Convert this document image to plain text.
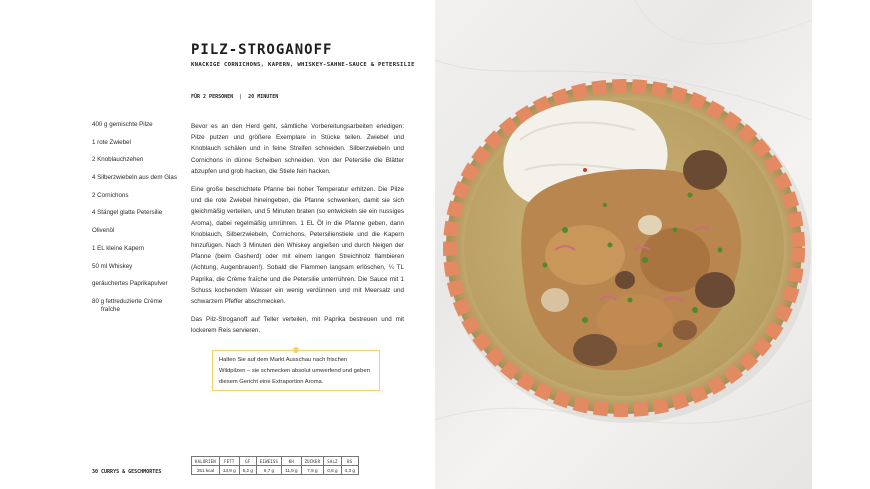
PILZ-STROGANOFF
KNACKIGE CORNICHONS, KAPERN, WHISKEY-SAHNE-SAUCE & PETERSILIE
FÜR 2 PERSONEN | 20 MINUTEN
400 g gemischte Pilze
1 rote Zwiebel
2 Knoblauchzehen
4 Silberzwiebeln aus dem Glas
2 Cornichons
4 Stängel glatte Petersilie
Olivenöl
1 EL kleine Kapern
50 ml Whiskey
geräuchertes Paprikapulver
80 g fettreduzierte Crème
fraîche

Bevor es an den Herd geht, sämtliche Vorbereitungsarbeiten erledigen: Pilze putzen und größere Exemplare in Stücke teilen. Zwiebel und Knoblauch schälen und in feine Streifen schneiden. Silberzwiebeln und Cornichons in dünne Scheiben schneiden. Von der Petersilie die Blätter abzupfen und grob hacken, die Stiele fein hacken.

Eine große beschichtete Pfanne bei hoher Temperatur erhitzen. Die Pilze und die rote Zwiebel hineingeben, die Pfanne schwenken, damit sie sich gleichmäßig verteilen, und 5 Minuten braten (so entwickeln sie ein nussiges Aroma), dabei regelmäßig umrühren. 1 EL Öl in die Pfanne geben, dann Knoblauch, Silberzwiebeln, Cornichons, Petersilienstiele und die Kapern hinzufügen. Nach 3 Minuten den Whiskey angießen und durch Neigen der Pfanne (beim Gasherd) oder mit einem langen Streichholz flambieren (Achtung, Augenbrauen!). Sobald die Flammen langsam erlöschen, ¼ TL Paprika, die Crème fraîche und die Petersilie unterrühren. Die Sauce mit 1 Schuss kochendem Wasser ein wenig verdünnen und mit Meersalz und schwarzem Pfeffer abschmecken.

Das Pilz-Stroganoff auf Teller verteilen, mit Paprika bestreuen und mit lockerem Reis servieren.

Halten Sie auf dem Markt Ausschau nach frischen Wildpilzen – sie schmecken absolut umwerfend und geben diesem Gericht eine Extraportion Aroma.

KALORIEN	FETT	GF	EIWEISS	KH	ZUCKER	SALZ	BS
251 kcal	13,9 g	5,2 g	6,7 g	11,9 g	7,9 g	0,8 g	4,3 g
30 CURRYS & GESCHMORTES
